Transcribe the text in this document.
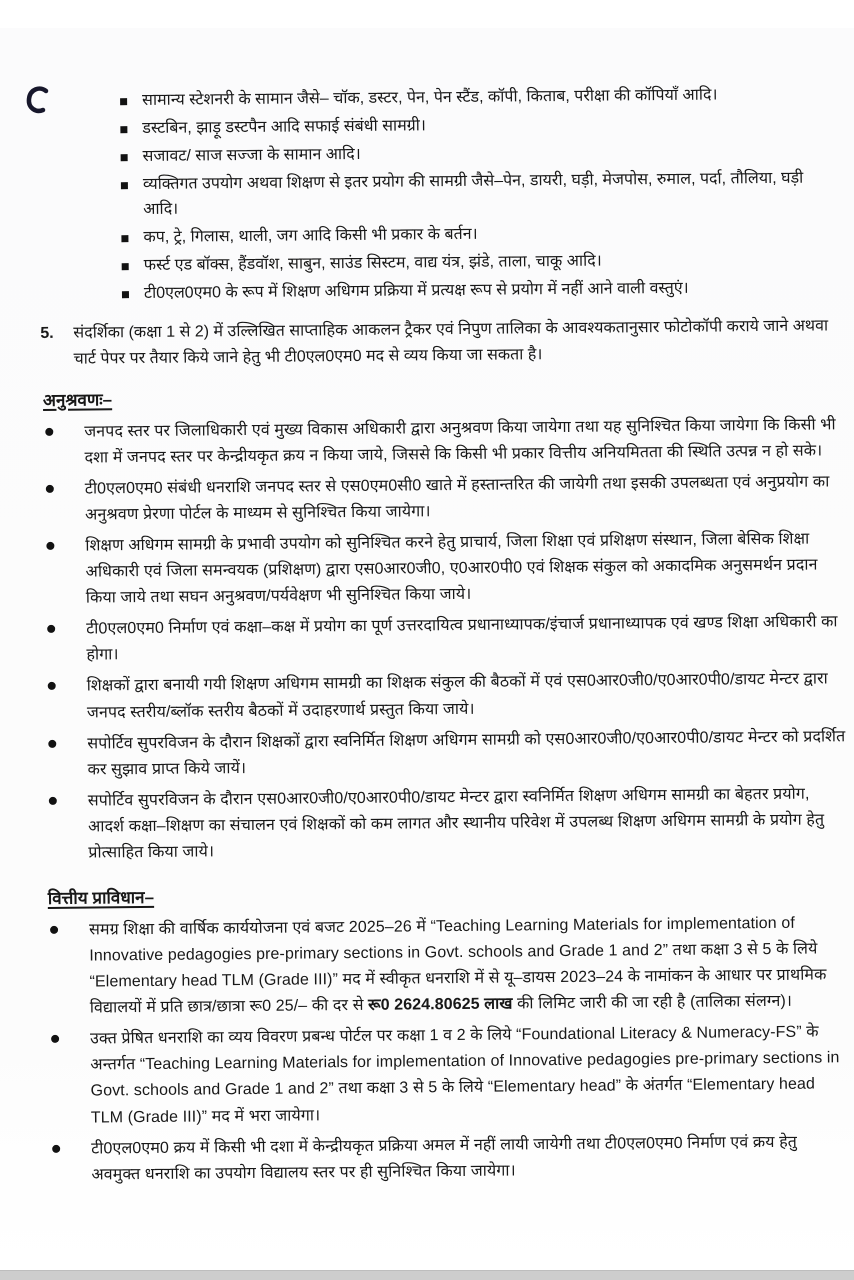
सामान्य स्टेशनरी के सामान जैसे– चॉक, डस्टर, पेन, पेन स्टैंड, कॉपी, किताब, परीक्षा की कॉपियाँ आदि।

डस्टबिन, झाड़ू डस्टपैन आदि सफाई संबंधी सामग्री।

सजावट/ साज सज्जा के सामान आदि।

व्यक्तिगत उपयोग अथवा शिक्षण से इतर प्रयोग की सामग्री जैसे–पेन, डायरी, घड़ी, मेजपोस, रुमाल, पर्दा, तौलिया, घड़ी आदि।

कप, ट्रे, गिलास, थाली, जग आदि किसी भी प्रकार के बर्तन।

फर्स्ट एड बॉक्स, हैंडवॉश, साबुन, साउंड सिस्टम, वाद्य यंत्र, झंडे, ताला, चाकू आदि।

टी0एल0एम0 के रूप में शिक्षण अधिगम प्रक्रिया में प्रत्यक्ष रूप से प्रयोग में नहीं आने वाली वस्तुएं।

5.	संदर्शिका (कक्षा 1 से 2) में उल्लिखित साप्ताहिक आकलन ट्रैकर एवं निपुण तालिका के आवश्यकतानुसार फोटोकॉपी कराये जाने अथवा चार्ट पेपर पर तैयार किये जाने हेतु भी टी0एल0एम0 मद से व्यय किया जा सकता है।

अनुश्रवणः–

जनपद स्तर पर जिलाधिकारी एवं मुख्य विकास अधिकारी द्वारा अनुश्रवण किया जायेगा तथा यह सुनिश्चित किया जायेगा कि किसी भी दशा में जनपद स्तर पर केन्द्रीयकृत क्रय न किया जाये, जिससे कि किसी भी प्रकार वित्तीय अनियमितता की स्थिति उत्पन्न न हो सके।

टी0एल0एम0 संबंधी धनराशि जनपद स्तर से एस0एम0सी0 खाते में हस्तान्तरित की जायेगी तथा इसकी उपलब्धता एवं अनुप्रयोग का अनुश्रवण प्रेरणा पोर्टल के माध्यम से सुनिश्चित किया जायेगा।

शिक्षण अधिगम सामग्री के प्रभावी उपयोग को सुनिश्चित करने हेतु प्राचार्य, जिला शिक्षा एवं प्रशिक्षण संस्थान, जिला बेसिक शिक्षा अधिकारी एवं जिला समन्वयक (प्रशिक्षण) द्वारा एस0आर0जी0, ए0आर0पी0 एवं शिक्षक संकुल को अकादमिक अनुसमर्थन प्रदान किया जाये तथा सघन अनुश्रवण/पर्यवेक्षण भी सुनिश्चित किया जाये।

टी0एल0एम0 निर्माण एवं कक्षा–कक्ष में प्रयोग का पूर्ण उत्तरदायित्व प्रधानाध्यापक/इंचार्ज प्रधानाध्यापक एवं खण्ड शिक्षा अधिकारी का होगा।

शिक्षकों द्वारा बनायी गयी शिक्षण अधिगम सामग्री का शिक्षक संकुल की बैठकों में एवं एस0आर0जी0/ए0आर0पी0/डायट मेन्टर द्वारा जनपद स्तरीय/ब्लॉक स्तरीय बैठकों में उदाहरणार्थ प्रस्तुत किया जाये।

सपोर्टिव सुपरविजन के दौरान शिक्षकों द्वारा स्वनिर्मित शिक्षण अधिगम सामग्री को एस0आर0जी0/ए0आर0पी0/डायट मेन्टर को प्रदर्शित कर सुझाव प्राप्त किये जायें।

सपोर्टिव सुपरविजन के दौरान एस0आर0जी0/ए0आर0पी0/डायट मेन्टर द्वारा स्वनिर्मित शिक्षण अधिगम सामग्री का बेहतर प्रयोग, आदर्श कक्षा–शिक्षण का संचालन एवं शिक्षकों को कम लागत और स्थानीय परिवेश में उपलब्ध शिक्षण अधिगम सामग्री के प्रयोग हेतु प्रोत्साहित किया जाये।

वित्तीय प्राविधान–

समग्र शिक्षा की वार्षिक कार्ययोजना एवं बजट 2025–26 में “Teaching Learning Materials for implementation of Innovative pedagogies pre-primary sections in Govt. schools and Grade 1 and 2” तथा कक्षा 3 से 5 के लिये “Elementary head TLM (Grade III)” मद में स्वीकृत धनराशि में से यू–डायस 2023–24 के नामांकन के आधार पर प्राथमिक विद्यालयों में प्रति छात्र/छात्रा रू0 25/– की दर से रू0 2624.80625 लाख की लिमिट जारी की जा रही है (तालिका संलग्न)।

उक्त प्रेषित धनराशि का व्यय विवरण प्रबन्ध पोर्टल पर कक्षा 1 व 2 के लिये “Foundational Literacy & Numeracy-FS” के अन्तर्गत “Teaching Learning Materials for implementation of Innovative pedagogies pre-primary sections in Govt. schools and Grade 1 and 2” तथा कक्षा 3 से 5 के लिये “Elementary head” के अंतर्गत “Elementary head TLM (Grade III)” मद में भरा जायेगा।

टी0एल0एम0 क्रय में किसी भी दशा में केन्द्रीयकृत प्रक्रिया अमल में नहीं लायी जायेगी तथा टी0एल0एम0 निर्माण एवं क्रय हेतु अवमुक्त धनराशि का उपयोग विद्यालय स्तर पर ही सुनिश्चित किया जायेगा।
